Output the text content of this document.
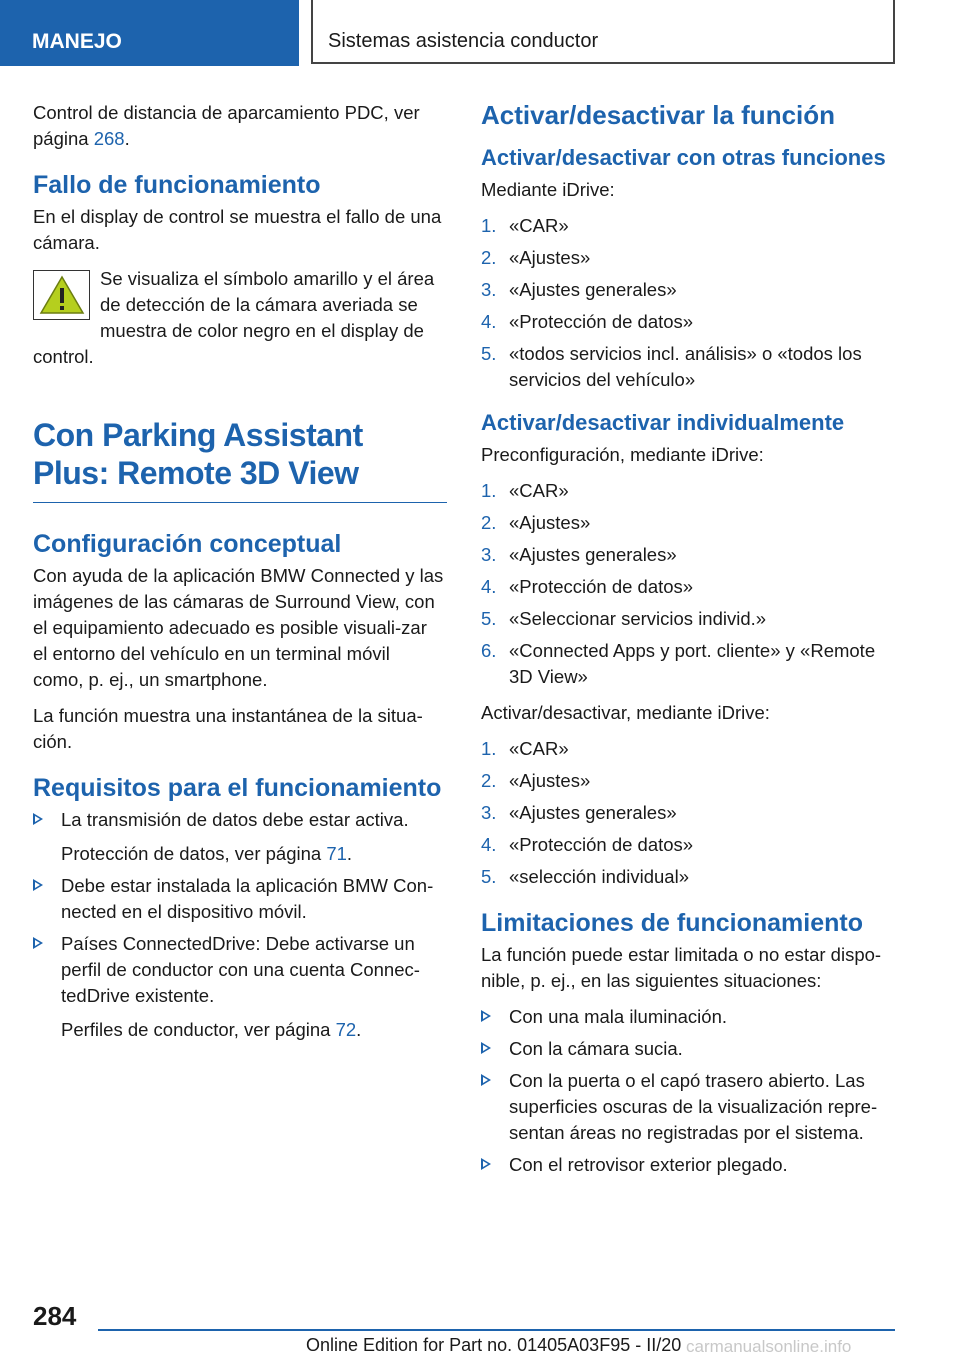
MANEJO	Sistemas asistencia conductor

Control de distancia de aparcamiento PDC, ver página 268.

Fallo de funcionamiento

En el display de control se muestra el fallo de una cámara.

Se visualiza el símbolo amarillo y el área de detección de la cámara averiada se muestra de color negro en el display de control.

Con Parking Assistant Plus: Remote 3D View
Configuración conceptual

Con ayuda de la aplicación BMW Connected y las imágenes de las cámaras de Surround View, con el equipamiento adecuado es posible visuali‐zar el entorno del vehículo en un terminal móvil como, p. ej., un smartphone.

La función muestra una instantánea de la situa‐ción.

Requisitos para el funcionamiento
La transmisión de datos debe estar activa.

Protección de datos, ver página 71.

Debe estar instalada la aplicación BMW Con‐nected en el dispositivo móvil.
Países ConnectedDrive: Debe activarse un perfil de conductor con una cuenta Connec‐tedDrive existente.

Perfiles de conductor, ver página 72.

Activar/desactivar la función
Activar/desactivar con otras funciones

Mediante iDrive:

1. «CAR»
2. «Ajustes»
3. «Ajustes generales»
4. «Protección de datos»
5. «todos servicios incl. análisis» o «todos los servicios del vehículo»
Activar/desactivar individualmente

Preconfiguración, mediante iDrive:

1. «CAR»
2. «Ajustes»
3. «Ajustes generales»
4. «Protección de datos»
5. «Seleccionar servicios individ.»
6. «Connected Apps y port. cliente» y «Remote 3D View»

Activar/desactivar, mediante iDrive:

1. «CAR»
2. «Ajustes»
3. «Ajustes generales»
4. «Protección de datos»
5. «selección individual»
Limitaciones de funcionamiento

La función puede estar limitada o no estar dispo‐nible, p. ej., en las siguientes situaciones:

Con una mala iluminación.
Con la cámara sucia.
Con la puerta o el capó trasero abierto. Las superficies oscuras de la visualización repre‐sentan áreas no registradas por el sistema.
Con el retrovisor exterior plegado.
284
Online Edition for Part no. 01405A03F95 - II/20 carmanualsonline.info
